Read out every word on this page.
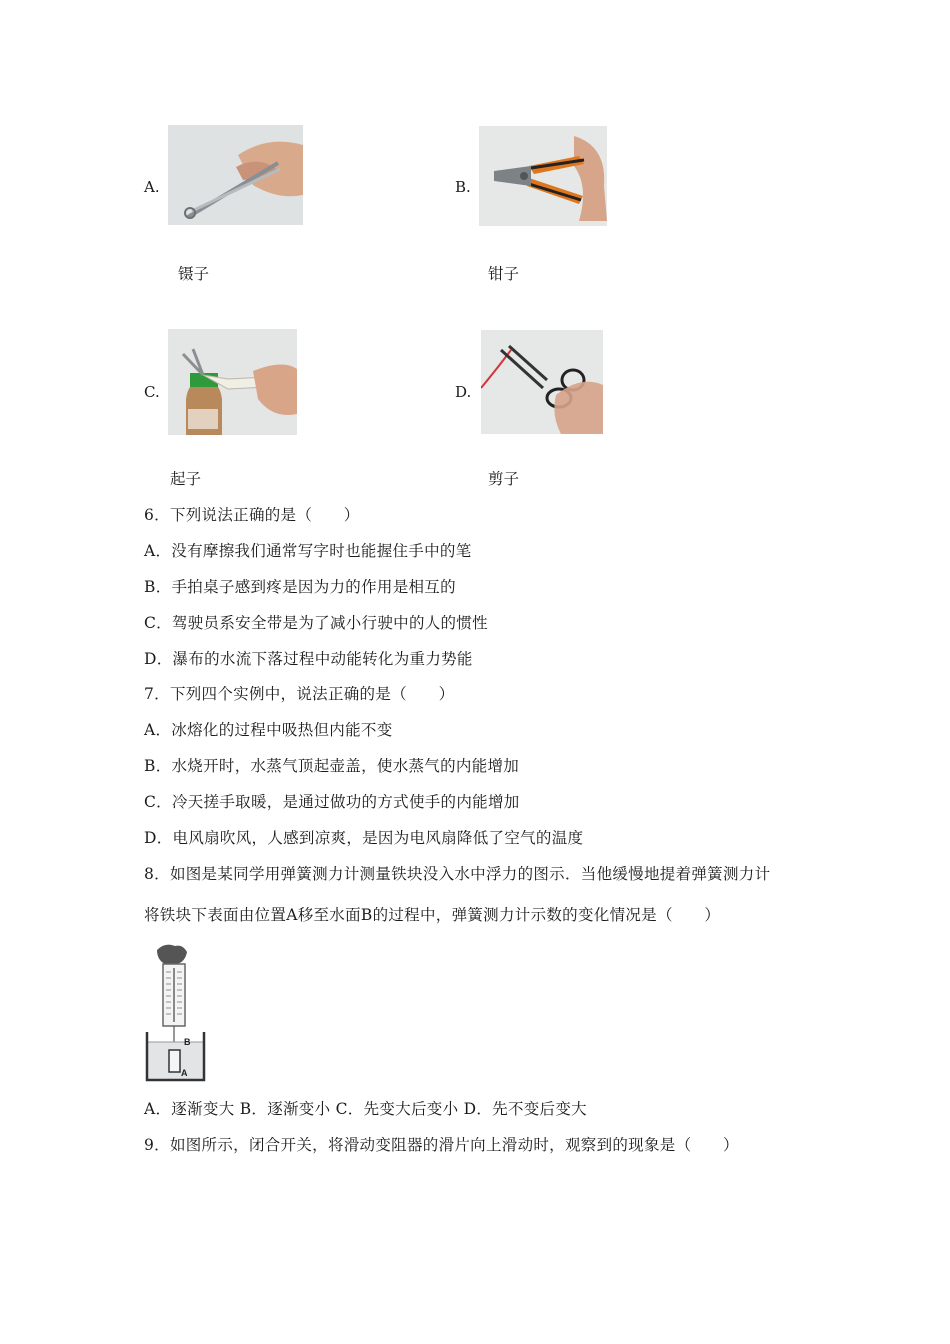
A.
镊子
B.
钳子
C.
起子
D.
剪子
6．下列说法正确的是（　　）
A．没有摩擦我们通常写字时也能握住手中的笔
B．手拍桌子感到疼是因为力的作用是相互的
C．驾驶员系安全带是为了减小行驶中的人的惯性
D．瀑布的水流下落过程中动能转化为重力势能
7．下列四个实例中，说法正确的是（　　）
A．冰熔化的过程中吸热但内能不变
B．水烧开时，水蒸气顶起壶盖，使水蒸气的内能增加
C．冷天搓手取暖，是通过做功的方式使手的内能增加
D．电风扇吹风，人感到凉爽，是因为电风扇降低了空气的温度
8．如图是某同学用弹簧测力计测量铁块没入水中浮力的图示．当他缓慢地提着弹簧测力计
将铁块下表面由位置A移至水面B的过程中，弹簧测力计示数的变化情况是（　　）
B
A
A．逐渐变大 B．逐渐变小 C．先变大后变小 D．先不变后变大
9．如图所示，闭合开关，将滑动变阻器的滑片向上滑动时，观察到的现象是（　　）
